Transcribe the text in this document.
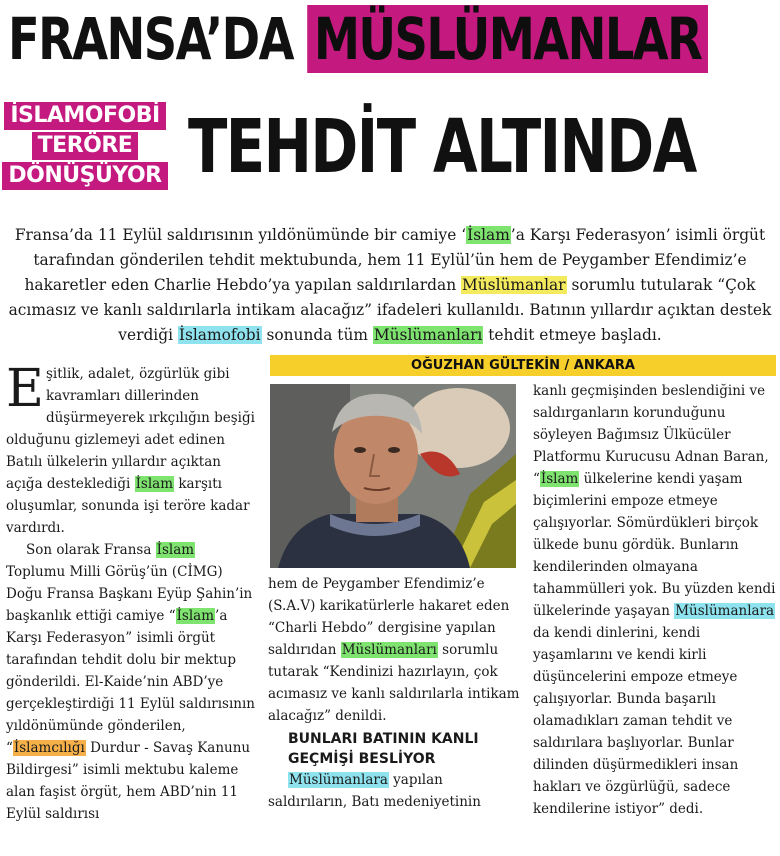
FRANSA’DA MÜSLÜMANLAR
İSLAMOFOBİ
TERÖRE
DÖNÜŞÜYOR TEHDİT ALTINDA

Fransa’da 11 Eylül saldırısının yıldönümünde bir camiye ‘İslam’a Karşı Federasyon’ isimli örgüt tarafından gönderilen tehdit mektubunda, hem 11 Eylül’ün hem de Peygamber Efendimiz’e hakaretler eden Charlie Hebdo’ya yapılan saldırılardan Müslümanlar sorumlu tutularak “Çok acımasız ve kanlı saldırılarla intikam alacağız” ifadeleri kullanıldı. Batının yıllardır açıktan destek verdiği İslamofobi sonunda tüm Müslümanları tehdit etmeye başladı.

OĞUZHAN GÜLTEKİN / ANKARA

Eşitlik, adalet, özgürlük gibi kavramları dillerinden düşürmeyerek ırkçılığın beşiği olduğunu gizlemeyi adet edinen Batılı ülkelerin yıllardır açıktan açığa desteklediği İslam karşıtı oluşumlar, sonunda işi teröre kadar vardırdı.

Son olarak Fransa İslam Toplumu Milli Görüş’ün (CİMG) Doğu Fransa Başkanı Eyüp Şahin’in başkanlık ettiği camiye “İslam’a Karşı Federasyon” isimli örgüt tarafından tehdit dolu bir mektup gönderildi. El-Kaide’nin ABD’ye gerçekleştirdiği 11 Eylül saldırısının yıldönümünde gönderilen, “İslamcılığı Durdur - Savaş Kanunu Bildirgesi” isimli mektubu kaleme alan faşist örgüt, hem ABD’nin 11 Eylül saldırısı

hem de Peygamber Efendimiz’e (S.A.V) karikatürlerle hakaret eden “Charli Hebdo” dergisine yapılan saldırıdan Müslümanları sorumlu tutarak “Kendinizi hazırlayın, çok acımasız ve kanlı saldırılarla intikam alacağız” denildi.

BUNLARI BATININ KANLI GEÇMİŞİ BESLİYOR

Müslümanlara yapılan saldırıların, Batı medeniyetinin

kanlı geçmişinden beslendiğini ve saldırganların korunduğunu söyleyen Bağımsız Ülkücüler Platformu Kurucusu Adnan Baran, “İslam ülkelerine kendi yaşam biçimlerini empoze etmeye çalışıyorlar. Sömürdükleri birçok ülkede bunu gördük. Bunların kendilerinden olmayana tahammülleri yok. Bu yüzden kendi ülkelerinde yaşayan Müslümanlara da kendi dinlerini, kendi yaşamlarını ve kendi kirli düşüncelerini empoze etmeye çalışıyorlar. Bunda başarılı olamadıkları zaman tehdit ve saldırılara başlıyorlar. Bunlar dilinden düşürmedikleri insan hakları ve özgürlüğü, sadece kendilerine istiyor” dedi.
